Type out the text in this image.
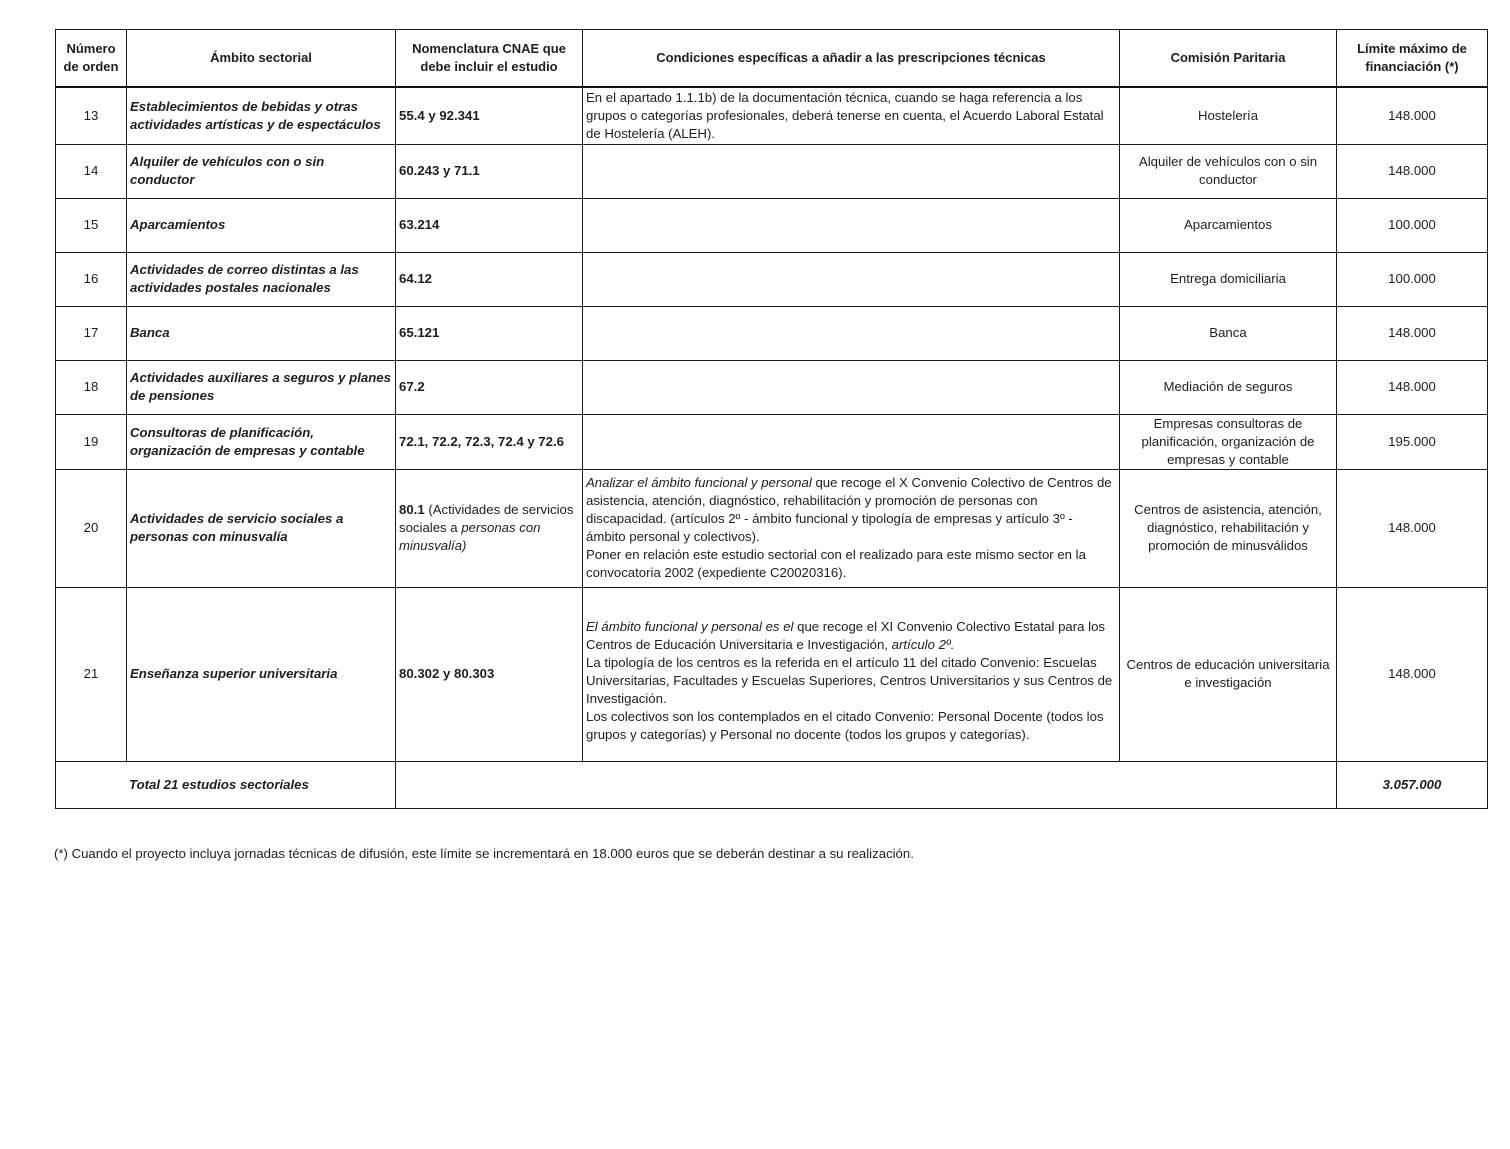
Número de orden	Ámbito sectorial	Nomenclatura CNAE que debe incluir el estudio	Condiciones específicas a añadir a las prescripciones técnicas	Comisión Paritaria	Límite máximo de financiación (*)
13	Establecimientos de bebidas y otras actividades artísticas y de espectáculos	55.4 y 92.341	En el apartado 1.1.1b) de la documentación técnica, cuando se haga referencia a los grupos o categorías profesionales, deberá tenerse en cuenta, el Acuerdo Laboral Estatal de Hostelería (ALEH).	Hostelería	148.000
14	Alquiler de vehículos con o sin conductor	60.243 y 71.1		Alquiler de vehículos con o sin conductor	148.000
15	Aparcamientos	63.214		Aparcamientos	100.000
16	Actividades de correo distintas a las actividades postales nacionales	64.12		Entrega domiciliaria	100.000
17	Banca	65.121		Banca	148.000
18	Actividades auxiliares a seguros y planes de pensiones	67.2		Mediación de seguros	148.000
19	Consultoras de planificación, organización de empresas y contable	72.1, 72.2, 72.3, 72.4 y 72.6		Empresas consultoras de planificación, organización de empresas y contable	195.000
20	Actividades de servicio sociales a personas con minusvalía	80.1 (Actividades de servicios sociales a personas con minusvalía)	Analizar el ámbito funcional y personal que recoge el X Convenio Colectivo de Centros de asistencia, atención, diagnóstico, rehabilitación y promoción de personas con discapacidad. (artículos 2º - ámbito funcional y tipología de empresas y artículo 3º - ámbito personal y colectivos).
Poner en relación este estudio sectorial con el realizado para este mismo sector en la convocatoria 2002 (expediente C20020316).	Centros de asistencia, atención, diagnóstico, rehabilitación y promoción de minusválidos	148.000
21	Enseñanza superior universitaria	80.302 y 80.303	El ámbito funcional y personal es el que recoge el XI Convenio Colectivo Estatal para los Centros de Educación Universitaria e Investigación, artículo 2º.
La tipología de los centros es la referida en el artículo 11 del citado Convenio: Escuelas Universitarias, Facultades y Escuelas Superiores, Centros Universitarios y sus Centros de Investigación.
Los colectivos son los contemplados en el citado Convenio: Personal Docente (todos los grupos y categorías) y Personal no docente (todos los grupos y categorías).	Centros de educación universitaria e investigación	148.000
Total 21 estudios sectoriales					3.057.000
(*) Cuando el proyecto incluya jornadas técnicas de difusión, este límite se incrementará en 18.000 euros que se deberán destinar a su realización.
